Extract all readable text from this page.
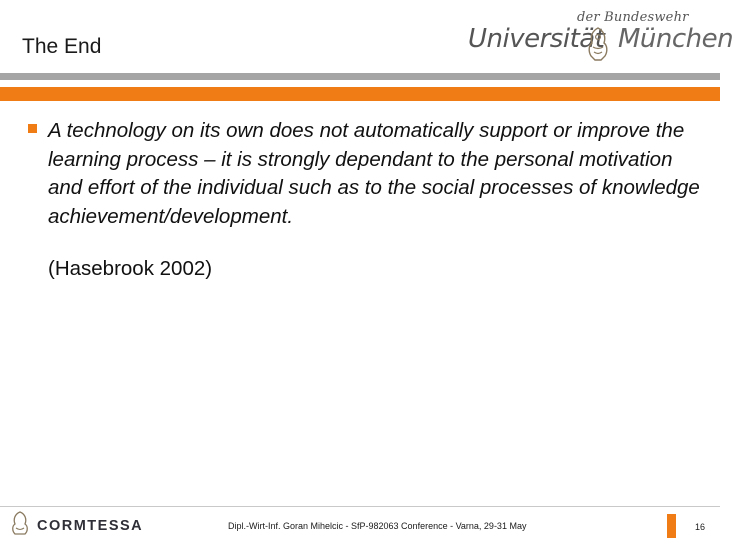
The End
der Bundeswehr
Universität München
A technology on its own does not automatically support or improve the learning process – it is strongly dependant to the personal motivation and effort of the individual such as to the social processes of knowledge achievement/development.
(Hasebrook 2002)
CORMTESSA	Dipl.-Wirt-Inf. Goran Mihelcic - SfP-982063 Conference - Varna, 29-31 May	16
